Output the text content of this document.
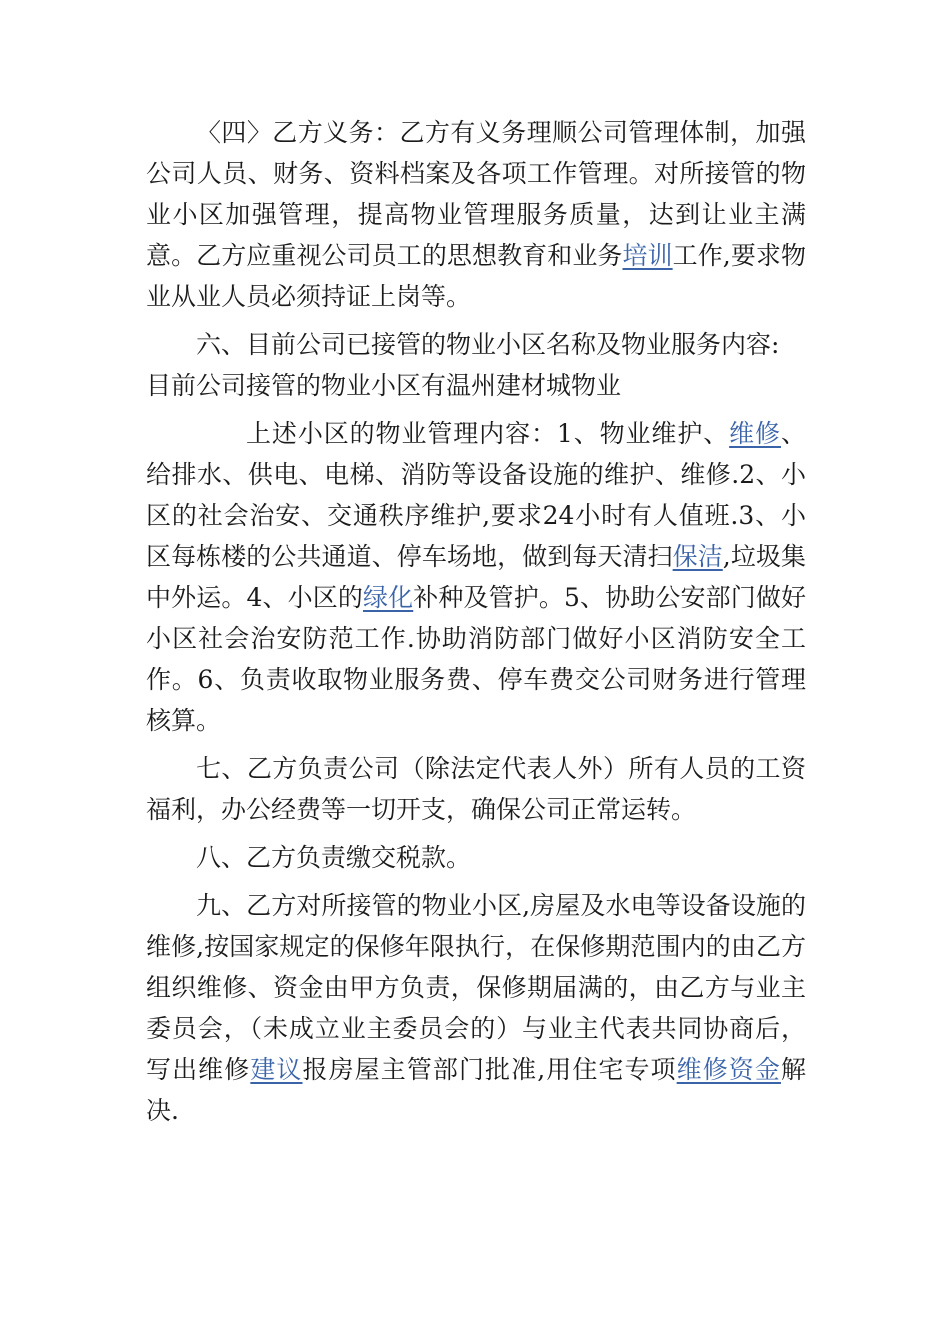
〈四〉乙方义务：乙方有义务理顺公司管理体制，加强公司人员、财务、资料档案及各项工作管理。对所接管的物业小区加强管理，提高物业管理服务质量，达到让业主满意。乙方应重视公司员工的思想教育和业务培训工作,要求物业从业人员必须持证上岗等。

六、目前公司已接管的物业小区名称及物业服务内容:
目前公司接管的物业小区有温州建材城物业

上述小区的物业管理内容：1、物业维护、维修、给排水、供电、电梯、消防等设备设施的维护、维修.2、小区的社会治安、交通秩序维护,要求24小时有人值班.3、小区每栋楼的公共通道、停车场地，做到每天清扫保洁,垃圾集中外运。4、小区的绿化补种及管护。5、协助公安部门做好小区社会治安防范工作.协助消防部门做好小区消防安全工作。6、负责收取物业服务费、停车费交公司财务进行管理核算。

七、乙方负责公司（除法定代表人外）所有人员的工资福利，办公经费等一切开支，确保公司正常运转。

八、乙方负责缴交税款。

九、乙方对所接管的物业小区,房屋及水电等设备设施的维修,按国家规定的保修年限执行，在保修期范围内的由乙方组织维修、资金由甲方负责，保修期届满的，由乙方与业主委员会，（未成立业主委员会的）与业主代表共同协商后，写出维修建议报房屋主管部门批准,用住宅专项维修资金解决.
